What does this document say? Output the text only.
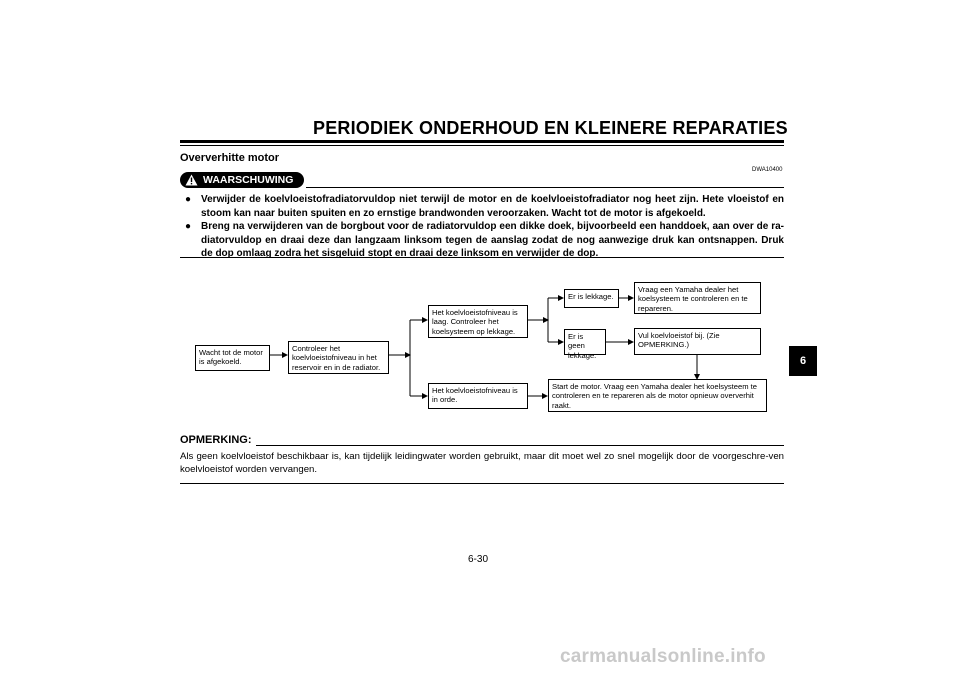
PERIODIEK ONDERHOUD EN KLEINERE REPARATIES
Oververhitte motor
DWA10400
WAARSCHUWING
● Verwijder de koelvloeistofradiatorvuldop niet terwijl de motor en de koelvloeistofradiator nog heet zijn. Hete vloeistof en stoom kan naar buiten spuiten en zo ernstige brandwonden veroorzaken. Wacht tot de motor is afgekoeld.
● Breng na verwijderen van de borgbout voor de radiatorvuldop een dikke doek, bijvoorbeeld een handdoek, aan over de ra-diatorvuldop en draai deze dan langzaam linksom tegen de aanslag zodat de nog aanwezige druk kan ontsnappen. Druk de dop omlaag zodra het sisgeluid stopt en draai deze linksom en verwijder de dop.
Wacht tot de motor is afgekoeld.
Controleer het koelvloeistofniveau in het reservoir en in de radiator.
Het koelvloeistofniveau is laag. Controleer het koelsysteem op lekkage.
Het koelvloeistofniveau is in orde.
Er is lekkage.
Er is geen lekkage.
Vraag een Yamaha dealer het koelsysteem te controleren en te repareren.
Vul koelvloeistof bij. (Zie OPMERKING.)
Start de motor. Vraag een Yamaha dealer het koelsysteem te controleren en te repareren als de motor opnieuw oververhit raakt.
OPMERKING:
Als geen koelvloeistof beschikbaar is, kan tijdelijk leidingwater worden gebruikt, maar dit moet wel zo snel mogelijk door de voorgeschre-ven koelvloeistof worden vervangen.
6-30
6
carmanualsonline.info
